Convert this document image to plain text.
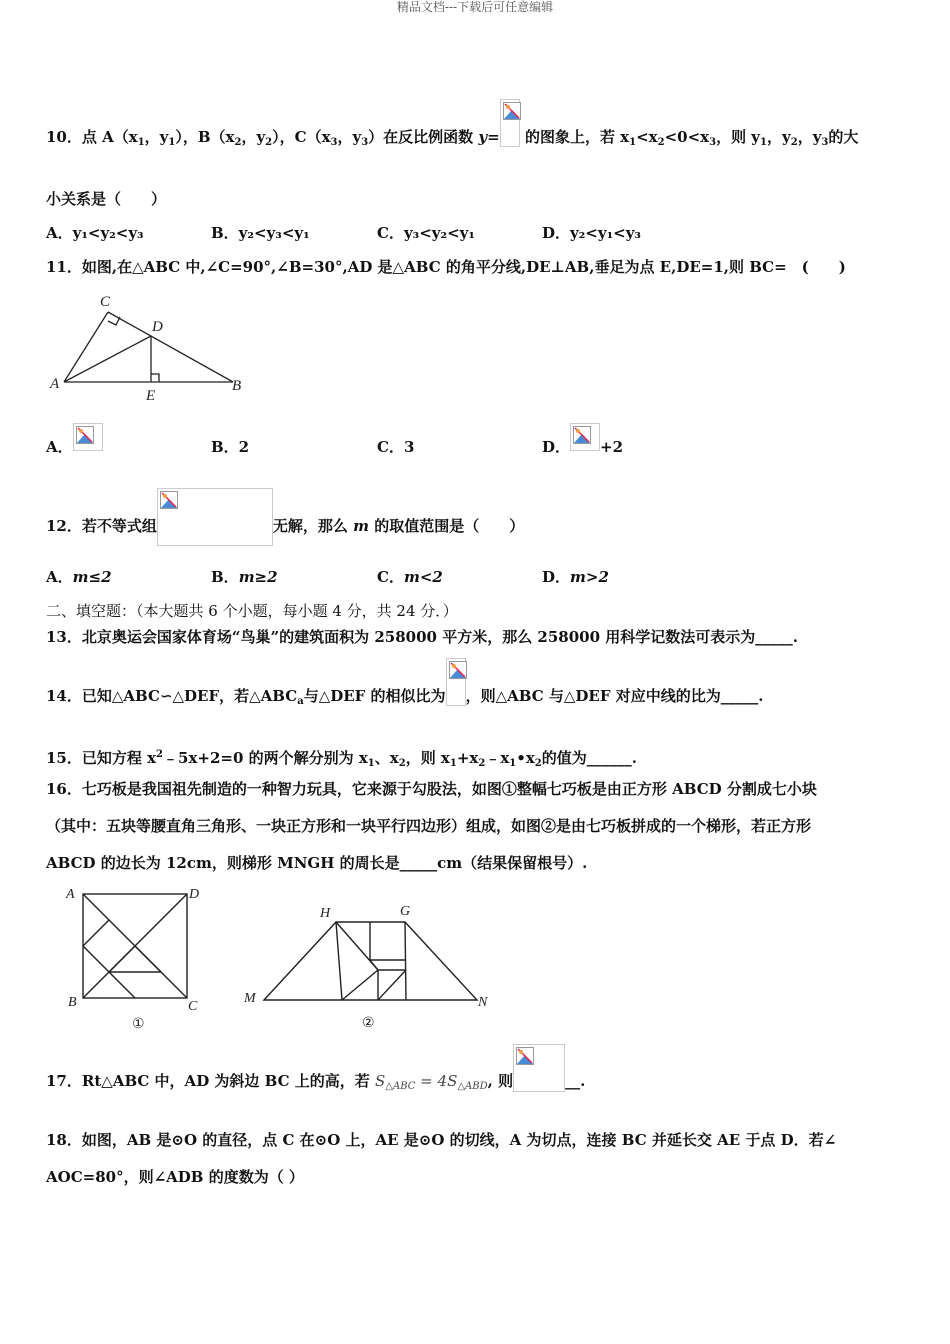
精品文档---下载后可任意编辑
10．点 $A(x_1$，$y_1$），$B(x_2$，$y_2$），$C(x_3$，$y_3$）在反比例函数 y= 的图象上，若 $x_1<x_2<0<x_3$，则 $y_1$，$y_2$，$y_3$的大
小关系是（　　）
A．y₁<y₂<y₃	B．y₂<y₃<y₁	C．y₃<y₂<y₁	D．y₂<y₁<y₃
11．如图,在△ABC 中,∠C=90°,∠B=30°,AD 是△ABC 的角平分线,DE⊥AB,垂足为点 E,DE=1,则 BC=　(　　)
C
D
A
E
B
A．	B．2	C．3	D． +2
12．若不等式组	无解，那么 m 的取值范围是（　　）
A．m≤2	B．m≥2	C．m<2	D．m>2
二、填空题：（本大题共 6 个小题，每小题 4 分，共 24 分．）
13．北京奥运会国家体育场“鸟巢”的建筑面积为 258000 平方米，那么 258000 用科学记数法可表示为_____.
14．已知△ABC∽△DEF，若$\triangle ABC_a$与△DEF 的相似比为 ，则△ABC 与△DEF 对应中线的比为_____.
15．已知方程 $x^2﹣5x+2=0$ 的两个解分别为 $x_1$、$x_2$，则 $x_1+x_2﹣x_1•x_2$的值为______.
16．七巧板是我国祖先制造的一种智力玩具，它来源于勾股法，如图①整幅七巧板是由正方形 ABCD 分割成七小块
（其中：五块等腰直角三角形、一块正方形和一块平行四边形）组成，如图②是由七巧板拼成的一个梯形，若正方形
ABCD 的边长为 12cm，则梯形 MNGH 的周长是_____cm（结果保留根号）.
A	D
B	C
①
H	G
M	N
②
17．Rt△ABC 中，AD 为斜边 BC 上的高，若 $S_{\triangle ABC} = 4S_{\triangle ABD}$, 则	__.
18．如图，AB 是⊙O 的直径，点 C 在⊙O 上，AE 是⊙O 的切线，A 为切点，连接 BC 并延长交 AE 于点 D．若∠
AOC=80°，则∠ADB 的度数为（ ）
